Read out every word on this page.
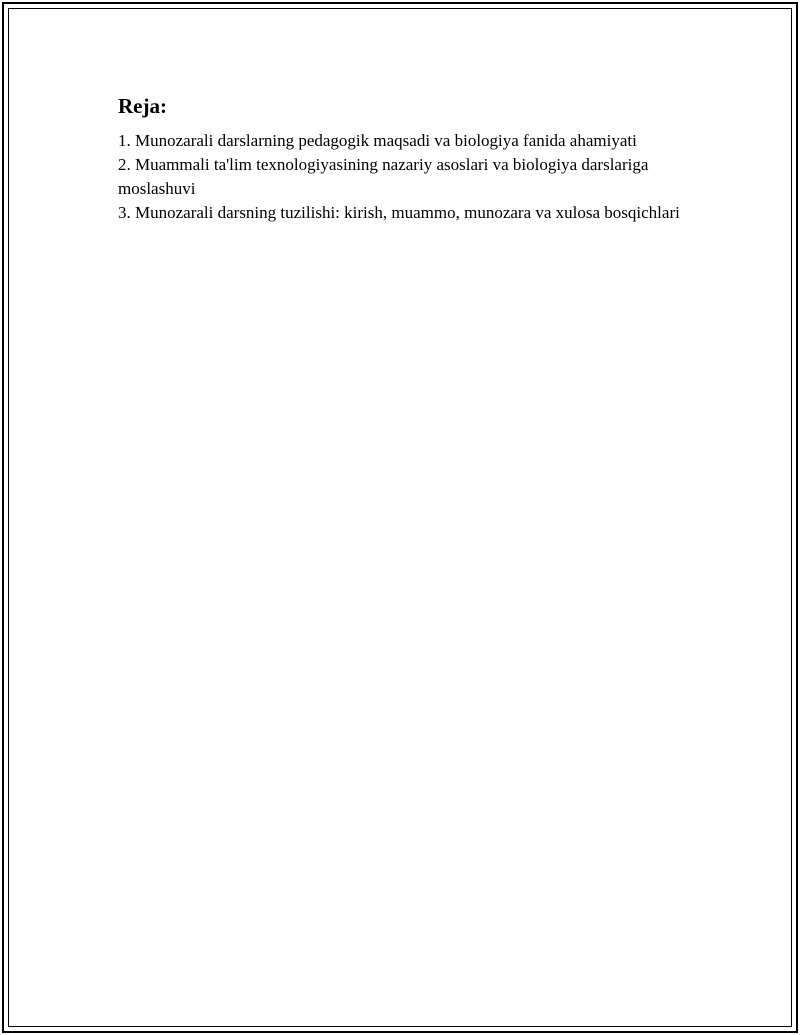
Reja:
1. Munozarali darslarning pedagogik maqsadi va biologiya fanida ahamiyati
2. Muammali ta'lim texnologiyasining nazariy asoslari va biologiya darslariga moslashuvi
3. Munozarali darsning tuzilishi: kirish, muammo, munozara va xulosa bosqichlari
